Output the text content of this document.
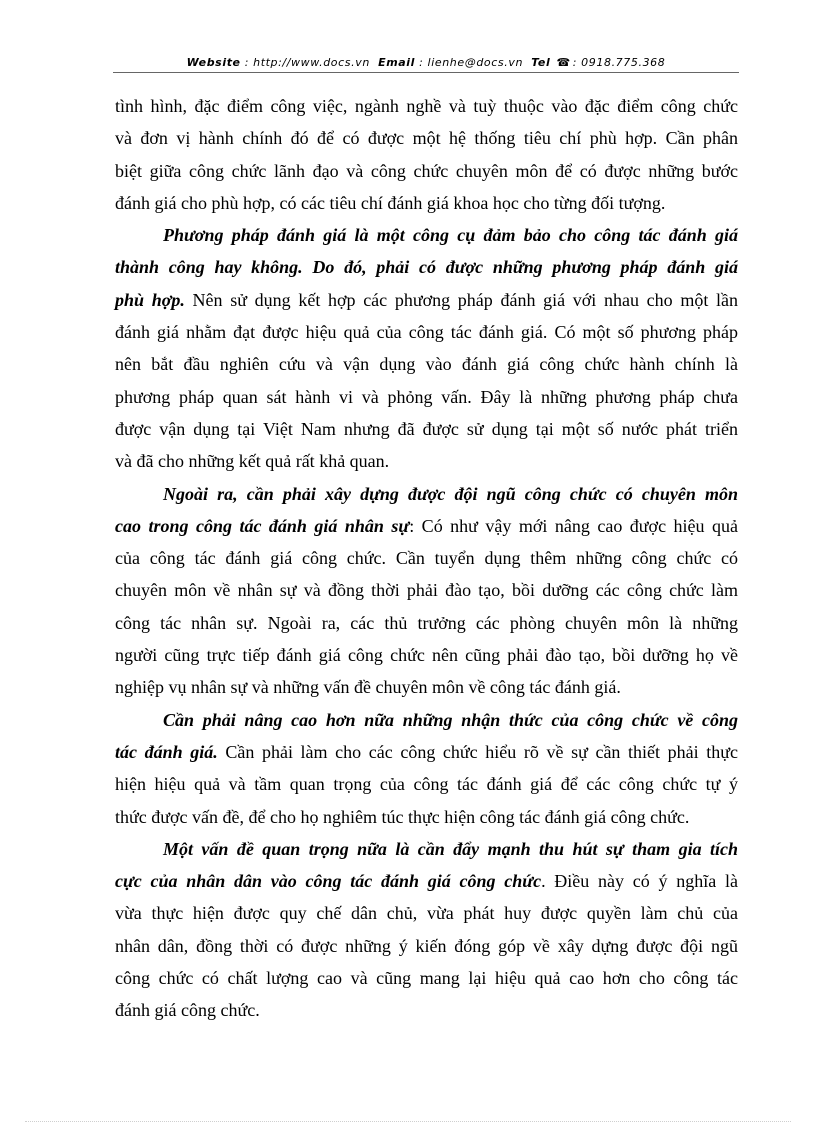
Website : http://www.docs.vn Email : lienhe@docs.vn Tel ☎ : 0918.775.368
tình hình, đặc điểm công việc, ngành nghề và tuỳ thuộc vào đặc điểm công chức
và đơn vị hành chính đó để có được một hệ thống tiêu chí phù hợp. Cần phân
biệt giữa công chức lãnh đạo và công chức chuyên môn để có được những bước
đánh giá cho phù hợp, có các tiêu chí đánh giá khoa học cho từng đối tượng.
Phương pháp đánh giá là một công cụ đảm bảo cho công tác đánh giá
thành công hay không. Do đó, phải có được những phương pháp đánh giá
phù hợp. Nên sử dụng kết hợp các phương pháp đánh giá với nhau cho một lần
đánh giá nhằm đạt được hiệu quả của công tác đánh giá. Có một số phương pháp
nên bắt đầu nghiên cứu và vận dụng vào đánh giá công chức hành chính là
phương pháp quan sát hành vi và phỏng vấn. Đây là những phương pháp chưa
được vận dụng tại Việt Nam nhưng đã được sử dụng tại một số nước phát triển
và đã cho những kết quả rất khả quan.
Ngoài ra, cần phải xây dựng được đội ngũ công chức có chuyên môn
cao trong công tác đánh giá nhân sự: Có như vậy mới nâng cao được hiệu quả
của công tác đánh giá công chức. Cần tuyển dụng thêm những công chức có
chuyên môn về nhân sự và đồng thời phải đào tạo, bồi dưỡng các công chức làm
công tác nhân sự. Ngoài ra, các thủ trưởng các phòng chuyên môn là những
người cũng trực tiếp đánh giá công chức nên cũng phải đào tạo, bồi dưỡng họ về
nghiệp vụ nhân sự và những vấn đề chuyên môn về công tác đánh giá.
Cần phải nâng cao hơn nữa những nhận thức của công chức về công
tác đánh giá. Cần phải làm cho các công chức hiểu rõ về sự cần thiết phải thực
hiện hiệu quả và tầm quan trọng của công tác đánh giá để các công chức tự ý
thức được vấn đề, để cho họ nghiêm túc thực hiện công tác đánh giá công chức.
Một vấn đề quan trọng nữa là cần đẩy mạnh thu hút sự tham gia tích
cực của nhân dân vào công tác đánh giá công chức. Điều này có ý nghĩa là
vừa thực hiện được quy chế dân chủ, vừa phát huy được quyền làm chủ của
nhân dân, đồng thời có được những ý kiến đóng góp về xây dựng được đội ngũ
công chức có chất lượng cao và cũng mang lại hiệu quả cao hơn cho công tác
đánh giá công chức.
